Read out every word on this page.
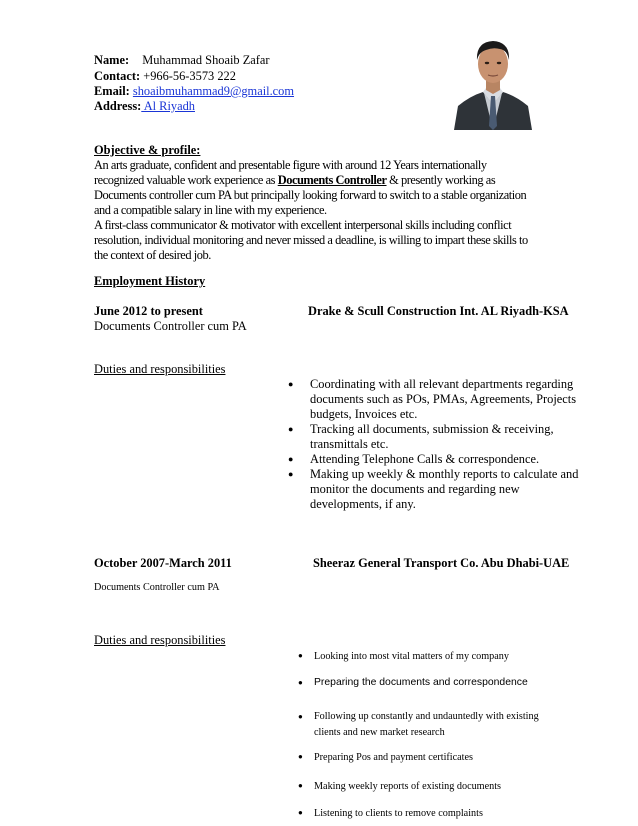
Name: Muhammad Shoaib Zafar
Contact: +966-56-3573 222
Email: shoaibmuhammad9@gmail.com
Address: Al Riyadh
Objective & profile:
An arts graduate, confident and presentable figure with around 12 Years internationally
recognized valuable work experience as Documents Controller & presently working as
Documents controller cum PA but principally looking forward to switch to a stable organization
and a compatible salary in line with my experience.
A first-class communicator & motivator with excellent interpersonal skills including conflict
resolution, individual monitoring and never missed a deadline, is willing to impart these skills to
the context of desired job.
Employment History
June 2012 to present	Drake & Scull Construction Int. AL Riyadh-KSA
Documents Controller cum PA
Duties and responsibilities
● Coordinating with all relevant departments regarding
documents such as POs, PMAs, Agreements, Projects
budgets, Invoices etc.
● Tracking all documents, submission & receiving,
transmittals etc.
● Attending Telephone Calls & correspondence.
● Making up weekly & monthly reports to calculate and
monitor the documents and regarding new
developments, if any.
October 2007-March 2011	Sheeraz General Transport Co. Abu Dhabi-UAE
Documents Controller cum PA
Duties and responsibilities
● Looking into most vital matters of my company
● Preparing the documents and correspondence
● Following up constantly and undauntedly with existing
clients and new market research
● Preparing Pos and payment certificates
● Making weekly reports of existing documents
● Listening to clients to remove complaints
